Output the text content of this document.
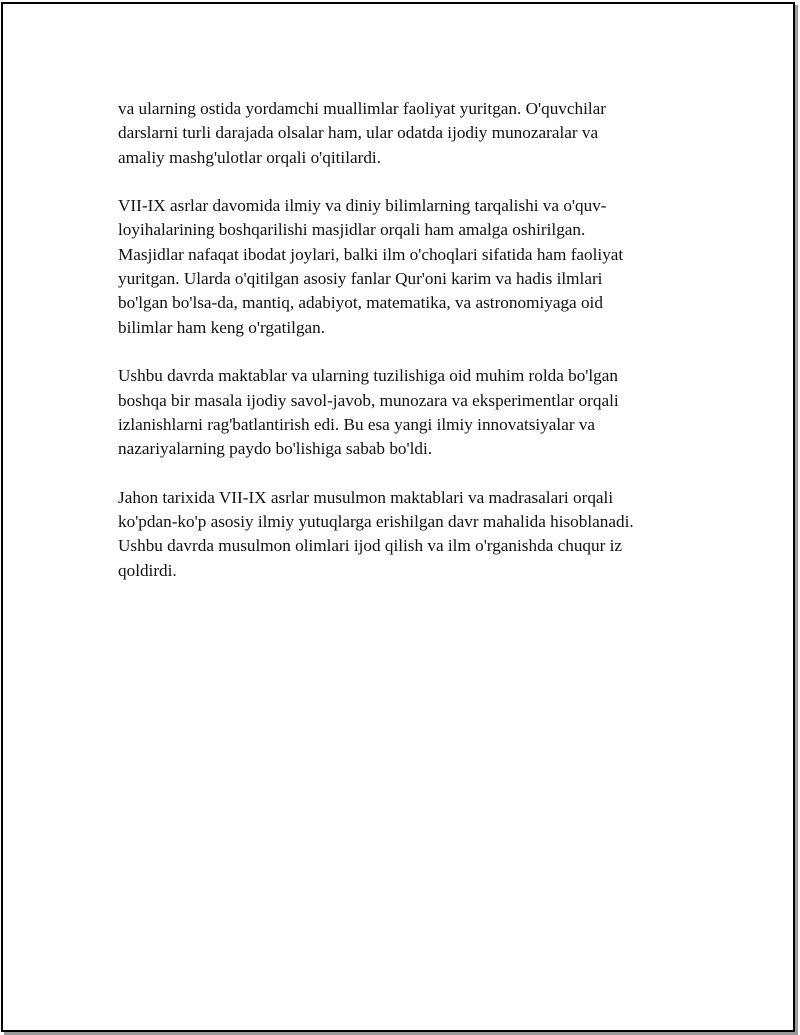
va ularning ostida yordamchi muallimlar faoliyat yuritgan. O'quvchilar
darslarni turli darajada olsalar ham, ular odatda ijodiy munozaralar va
amaliy mashg'ulotlar orqali o'qitilardi.

VII-IX asrlar davomida ilmiy va diniy bilimlarning tarqalishi va o'quv-
loyihalarining boshqarilishi masjidlar orqali ham amalga oshirilgan.
Masjidlar nafaqat ibodat joylari, balki ilm o'choqlari sifatida ham faoliyat
yuritgan. Ularda o'qitilgan asosiy fanlar Qur'oni karim va hadis ilmlari
bo'lgan bo'lsa-da, mantiq, adabiyot, matematika, va astronomiyaga oid
bilimlar ham keng o'rgatilgan.

Ushbu davrda maktablar va ularning tuzilishiga oid muhim rolda bo'lgan
boshqa bir masala ijodiy savol-javob, munozara va eksperimentlar orqali
izlanishlarni rag'batlantirish edi. Bu esa yangi ilmiy innovatsiyalar va
nazariyalarning paydo bo'lishiga sabab bo'ldi.

Jahon tarixida VII-IX asrlar musulmon maktablari va madrasalari orqali
ko'pdan-ko'p asosiy ilmiy yutuqlarga erishilgan davr mahalida hisoblanadi.
Ushbu davrda musulmon olimlari ijod qilish va ilm o'rganishda chuqur iz
qoldirdi.
